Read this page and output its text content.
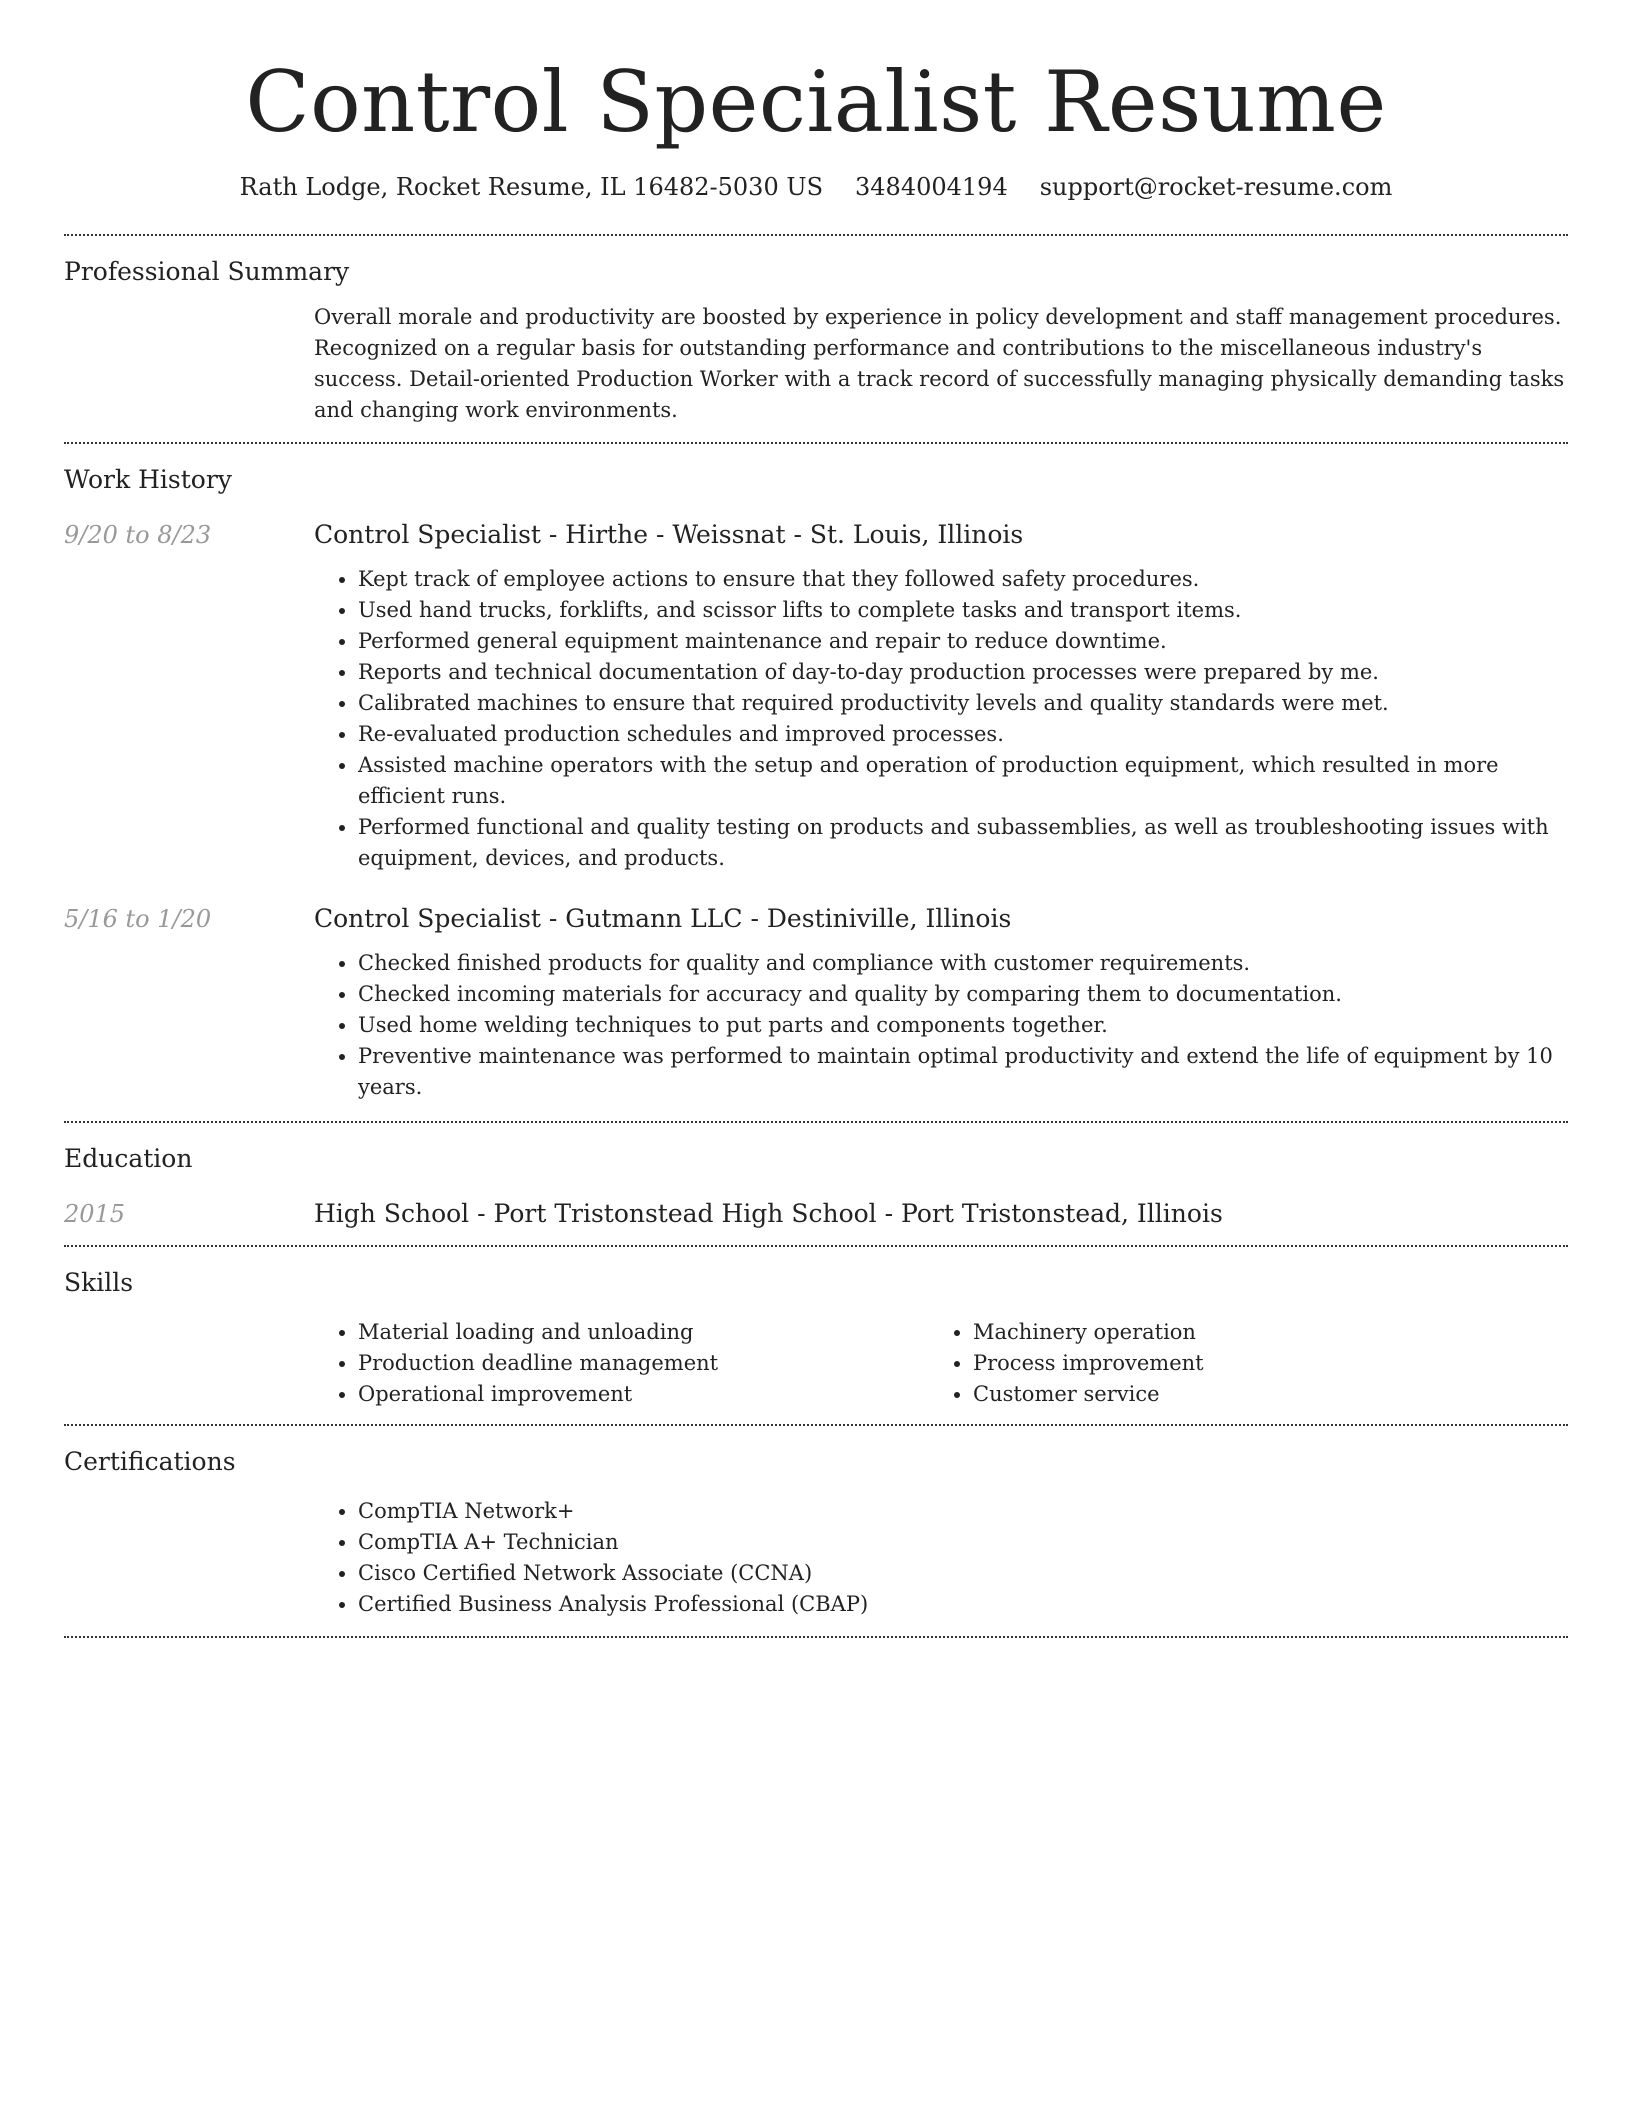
Control Specialist Resume
Rath Lodge, Rocket Resume, IL 16482-5030 US 3484004194 support@rocket-resume.com
Professional Summary

Overall morale and productivity are boosted by experience in policy development and staff management procedures. Recognized on a regular basis for outstanding performance and contributions to the miscellaneous industry's success. Detail-oriented Production Worker with a track record of successfully managing physically demanding tasks and changing work environments.

Work History
9/20 to 8/23	Control Specialist - Hirthe - Weissnat - St. Louis, Illinois

• Kept track of employee actions to ensure that they followed safety procedures.
• Used hand trucks, forklifts, and scissor lifts to complete tasks and transport items.
• Performed general equipment maintenance and repair to reduce downtime.
• Reports and technical documentation of day-to-day production processes were prepared by me.
• Calibrated machines to ensure that required productivity levels and quality standards were met.
• Re-evaluated production schedules and improved processes.
• Assisted machine operators with the setup and operation of production equipment, which resulted in more efficient runs.
• Performed functional and quality testing on products and subassemblies, as well as troubleshooting issues with equipment, devices, and products.
5/16 to 1/20	Control Specialist - Gutmann LLC - Destiniville, Illinois

• Checked finished products for quality and compliance with customer requirements.
• Checked incoming materials for accuracy and quality by comparing them to documentation.
• Used home welding techniques to put parts and components together.
• Preventive maintenance was performed to maintain optimal productivity and extend the life of equipment by 10 years.
Education
2015	High School - Port Tristonstead High School - Port Tristonstead, Illinois

Skills
• Material loading and unloading
• Production deadline management
• Operational improvement
• Machinery operation
• Process improvement
• Customer service
Certifications
• CompTIA Network+
• CompTIA A+ Technician
• Cisco Certified Network Associate (CCNA)
• Certified Business Analysis Professional (CBAP)
